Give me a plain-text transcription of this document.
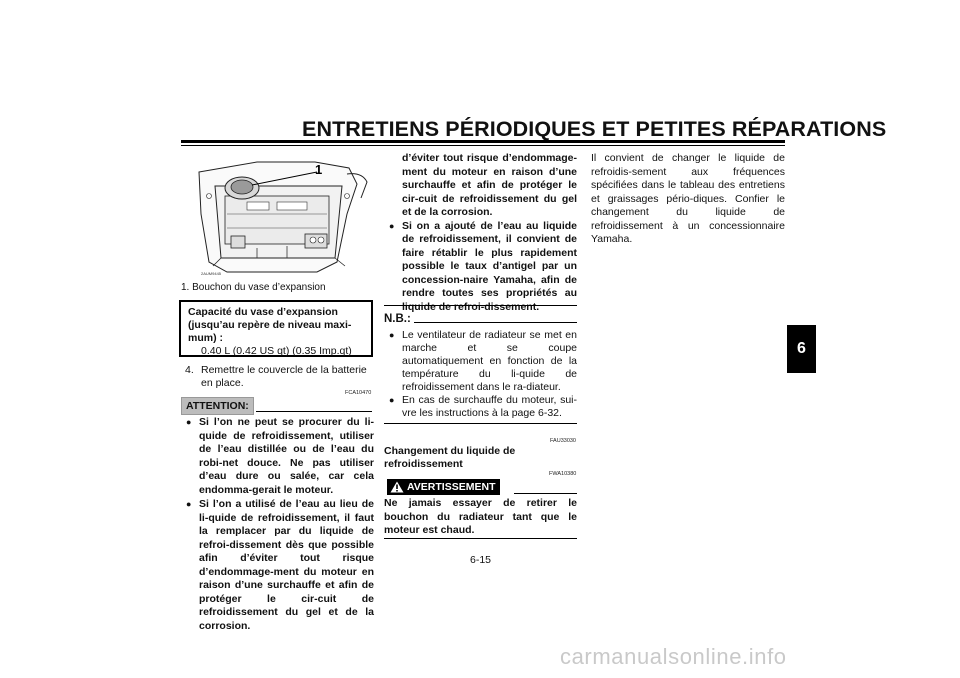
ENTRETIENS PÉRIODIQUES ET PETITES RÉPARATIONS
6
1
2AUM9445
1. Bouchon du vase d’expansion
Capacité du vase d’expansion
(jusqu’au repère de niveau maxi-
mum) :
0.40 L (0.42 US qt) (0.35 Imp.qt)
4. Remettre le couvercle de la batterie en place.
ATTENTION:
FCA10470
● Si l’on ne peut se procurer du li-quide de refroidissement, utiliser de l’eau distillée ou de l’eau du robi-net douce. Ne pas utiliser d’eau dure ou salée, car cela endomma-gerait le moteur.
● Si l’on a utilisé de l’eau au lieu de li-quide de refroidissement, il faut la remplacer par du liquide de refroi-dissement dès que possible afin d’éviter tout risque d’endommage-ment du moteur en raison d’une surchauffe et afin de protéger le cir-cuit de refroidissement du gel et de la corrosion.
d’éviter tout risque d’endommage-ment du moteur en raison d’une surchauffe et afin de protéger le cir-cuit de refroidissement du gel et de la corrosion.
● Si on a ajouté de l’eau au liquide de refroidissement, il convient de faire rétablir le plus rapidement possible le taux d’antigel par un concession-naire Yamaha, afin de rendre toutes ses propriétés au liquide de refroi-dissement.
N.B.:
● Le ventilateur de radiateur se met en marche et se coupe automatiquement en fonction de la température du li-quide de refroidissement dans le ra-diateur.
● En cas de surchauffe du moteur, sui-vre les instructions à la page 6-32.
FAU33030
Changement du liquide de refroidissement
FWA10380
AVERTISSEMENT
Ne jamais essayer de retirer le bouchon du radiateur tant que le moteur est chaud.
Il convient de changer le liquide de refroidis-sement aux fréquences spécifiées dans le tableau des entretiens et graissages pério-diques. Confier le changement du liquide de refroidissement à un concessionnaire Yamaha.
6-15
carmanualsonline.info
